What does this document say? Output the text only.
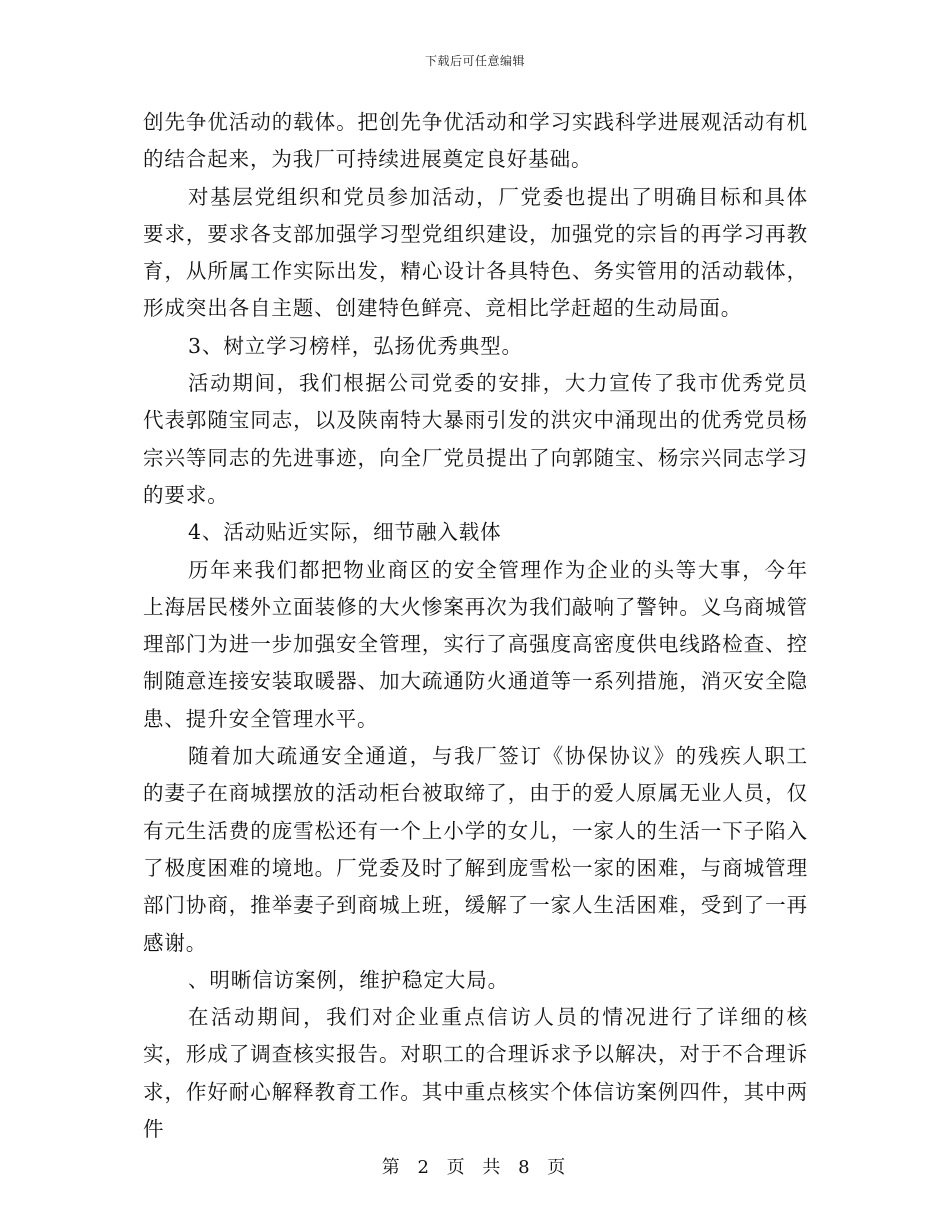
下载后可任意编辑

创先争优活动的载体。把创先争优活动和学习实践科学进展观活动有机的结合起来，为我厂可持续进展奠定良好基础。

对基层党组织和党员参加活动，厂党委也提出了明确目标和具体要求，要求各支部加强学习型党组织建设，加强党的宗旨的再学习再教育，从所属工作实际出发，精心设计各具特色、务实管用的活动载体，形成突出各自主题、创建特色鲜亮、竞相比学赶超的生动局面。

3、树立学习榜样，弘扬优秀典型。

活动期间，我们根据公司党委的安排，大力宣传了我市优秀党员代表郭随宝同志，以及陕南特大暴雨引发的洪灾中涌现出的优秀党员杨宗兴等同志的先进事迹，向全厂党员提出了向郭随宝、杨宗兴同志学习的要求。

4、活动贴近实际，细节融入载体

历年来我们都把物业商区的安全管理作为企业的头等大事，今年上海居民楼外立面装修的大火惨案再次为我们敲响了警钟。义乌商城管理部门为进一步加强安全管理，实行了高强度高密度供电线路检查、控制随意连接安装取暖器、加大疏通防火通道等一系列措施，消灭安全隐患、提升安全管理水平。

随着加大疏通安全通道，与我厂签订《协保协议》的残疾人职工的妻子在商城摆放的活动柜台被取缔了，由于的爱人原属无业人员，仅有元生活费的庞雪松还有一个上小学的女儿，一家人的生活一下子陷入了极度困难的境地。厂党委及时了解到庞雪松一家的困难，与商城管理部门协商，推举妻子到商城上班，缓解了一家人生活困难，受到了一再感谢。

、明晰信访案例，维护稳定大局。

在活动期间，我们对企业重点信访人员的情况进行了详细的核实，形成了调查核实报告。对职工的合理诉求予以解决，对于不合理诉求，作好耐心解释教育工作。其中重点核实个体信访案例四件，其中两件

第 2 页 共 8 页
